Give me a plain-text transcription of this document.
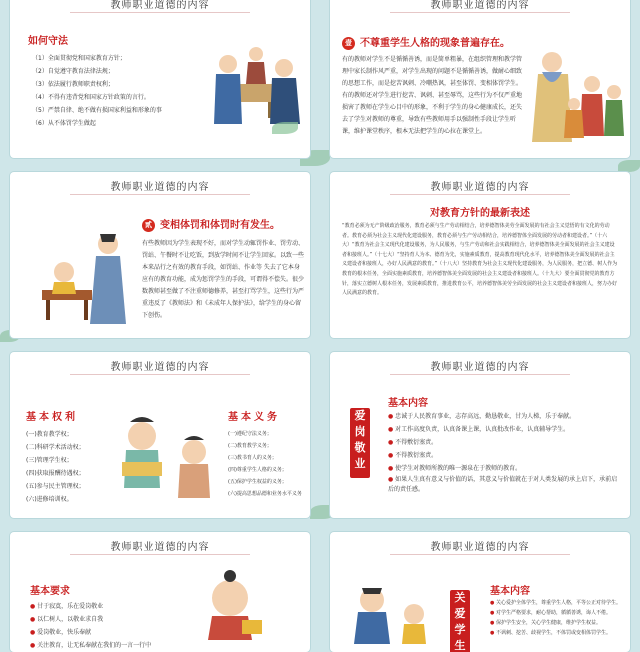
教师职业道德的内容
如何守法
（1）全面贯彻党和国家教育方针；
（2）自觉遵守教育法律法规；
（3）依法履行教师职责权利；
（4）不得有违背党和国家方针政策的言行。
（5）严禁自律、绝不做有损国家利益和形象的事
（6）从不体罚学生做起
教师职业道德的内容
壹 不尊重学生人格的现象普遍存在。
有的教师对学生不是循循善诱，而是简单粗暴，在组织管理和教学管理中家长制作风严重，对学生出现的问题不是循循善诱，做耐心细致的思想工作，而是挖苦讽刺、冷嘲热讽，甚至体罚、变相体罚学生。有的教师还对学生进行挖苦、讽刺、甚至辱骂，这些行为不仅严重地损害了教师在学生心目中的形象，不利于学生的身心健康成长，还失去了学生对教师的尊重，导致有些教师用手以强制性手段让学生听课，维护课堂秩序，根本无法把学生的心拉在课堂上。
教师职业道德的内容
贰 变相体罚和体罚时有发生。
有些教师因为学生表现不好，而对学生动辄罚作业、罚劳动、罚站、午餐时不让吃饭，到放学时间不让学生回家。以致一些本来品行之有效的教育手段，如罚站、作业等 失去了它本身应有的教育功能，成为惩罚学生的手段，可谓得不偿失。很少数教师甚至做了不注重师德修养，甚至打骂学生，这些行为严重违反了《教师法》和《未成年人保护法》，给学生的身心留下创伤。
教师职业道德的内容
对教育方针的最新表述
“教育必须为无产阶级政治服务，教育必须与生产劳动相结合，培养德智体美劳全面发展的有社会主义觉悟的有文化的劳动者。教育必须为社会主义现代化建设服务，教育必须与生产劳动相结合，培养德智体全面发展的劳动者和建设者。”（十六大）“教育为社会主义现代化建设服务，为人民服务，与生产劳动和社会实践相结合，培养德智体美全面发展的社会主义建设者和接班人。”（十七大）“坚持育人为本、德育为先，实施素质教育，提高教育现代化水平，培养德智体美全面发展的社会主义建设者和接班人，办好人民满意的教育。”（十八大）坚持教育为社会主义现代化建设服务，为人民服务，把立德、树人作为教育的根本任务，全面实施素质教育，培养德智体美全面发展的社会主义建设者和接班人。（十九大）要全面贯彻党的教育方针，落实立德树人根本任务，发展素质教育，推进教育公平，培养德智体美劳全面发展的社会主义建设者和接班人，努力办好人民满意的教育。
教师职业道德的内容
基本权利
(一)教育教学权；
(二)科研学术活动权；
(三)管理学生权；
(四)获取报酬待遇权；
(五)参与民主管理权；
(六)进修培训权。
基本义务
(一)遵纪守法义务；
(二)教育教学义务；
(三)教书育人的义务；
(四)尊重学生人格的义务；
(五)保护学生权益的义务；
(六)提高思想品德和业务水平义务
教师职业道德的内容
爱
岗
敬
业
基本内容
● 忠诚于人民教育事业，志存高远，勤恳敬业，甘为人梯，乐于奉献。
● 对工作高度负责，认真备课上课，认真批改作业，认真辅导学生。
● 不得敷衍塞责。
● 不得教衍塞责。
● 使学生对教师所教的唯一源泉在于教师的教育。
● 如果人生真有意义与价值的话，其意义与价值就在于对人类发展的承上启下，承前启后的责任感。
教师职业道德的内容
基本要求
● 甘于寂寞，乐在爱岗敬业
● 以仁树人，以敬业求自我
● 爱岗敬业，快乐奉献
● 关注教育，让无私奉献在我们的一言一行中
教师职业道德的内容
关
爱
学
生
基本内容
● 关心爱护全体学生，尊重学生人格，平等公正对待学生。
● 对学生严格要求，耐心帮助，循循善诱，诲人不倦。
● 保护学生安全，关心学生健康，维护学生权益。
● 不讽刺、挖苦、歧视学生，不体罚或变相体罚学生。
